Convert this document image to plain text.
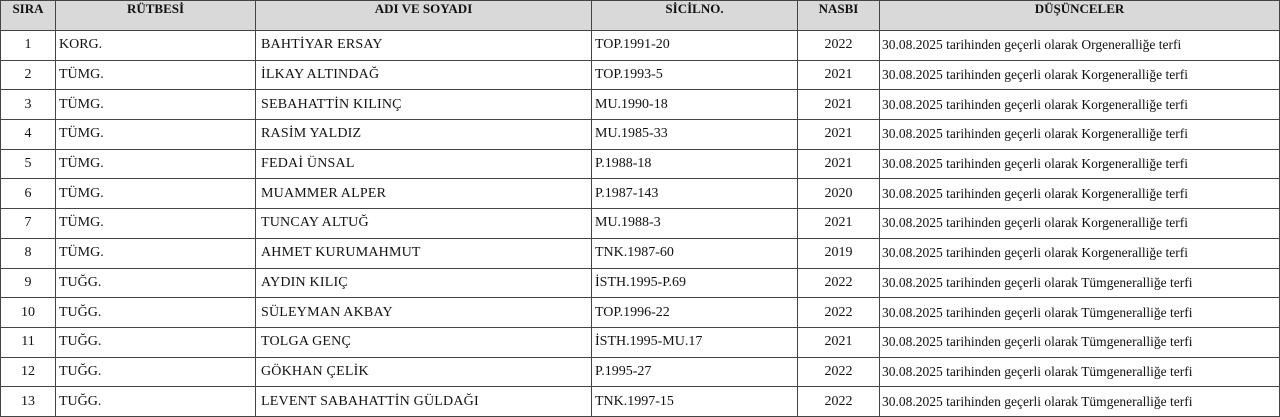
SIRA	RÜTBESİ	ADI VE SOYADI	SİCİLNO.	NASBI	DÜŞÜNCELER
1	KORG.	BAHTİYAR ERSAY	TOP.1991-20	2022	30.08.2025 tarihinden geçerli olarak Orgeneralliğe terfi
2	TÜMG.	İLKAY ALTINDAĞ	TOP.1993-5	2021	30.08.2025 tarihinden geçerli olarak Korgeneralliğe terfi
3	TÜMG.	SEBAHATTİN KILINÇ	MU.1990-18	2021	30.08.2025 tarihinden geçerli olarak Korgeneralliğe terfi
4	TÜMG.	RASİM YALDIZ	MU.1985-33	2021	30.08.2025 tarihinden geçerli olarak Korgeneralliğe terfi
5	TÜMG.	FEDAİ ÜNSAL	P.1988-18	2021	30.08.2025 tarihinden geçerli olarak Korgeneralliğe terfi
6	TÜMG.	MUAMMER ALPER	P.1987-143	2020	30.08.2025 tarihinden geçerli olarak Korgeneralliğe terfi
7	TÜMG.	TUNCAY ALTUĞ	MU.1988-3	2021	30.08.2025 tarihinden geçerli olarak Korgeneralliğe terfi
8	TÜMG.	AHMET KURUMAHMUT	TNK.1987-60	2019	30.08.2025 tarihinden geçerli olarak Korgeneralliğe terfi
9	TUĞG.	AYDIN KILIÇ	İSTH.1995-P.69	2022	30.08.2025 tarihinden geçerli olarak Tümgeneralliğe terfi
10	TUĞG.	SÜLEYMAN AKBAY	TOP.1996-22	2022	30.08.2025 tarihinden geçerli olarak Tümgeneralliğe terfi
11	TUĞG.	TOLGA GENÇ	İSTH.1995-MU.17	2021	30.08.2025 tarihinden geçerli olarak Tümgeneralliğe terfi
12	TUĞG.	GÖKHAN ÇELİK	P.1995-27	2022	30.08.2025 tarihinden geçerli olarak Tümgeneralliğe terfi
13	TUĞG.	LEVENT SABAHATTİN GÜLDAĞI	TNK.1997-15	2022	30.08.2025 tarihinden geçerli olarak Tümgeneralliğe terfi
